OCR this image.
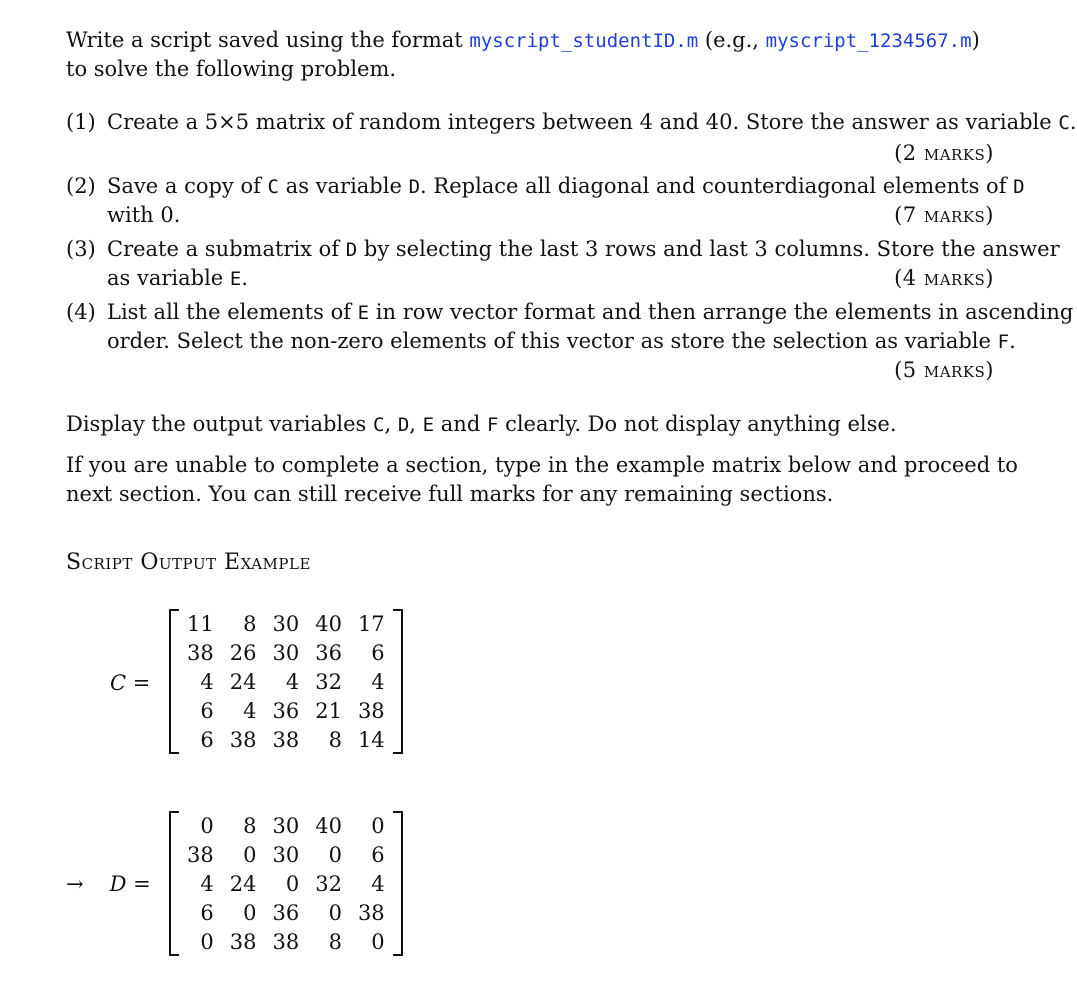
Write a script saved using the format myscript_studentID.m (e.g., myscript_1234567.m)
to solve the following problem.
(1) Create a 5×5 matrix of random integers between 4 and 40. Store the answer as variable C.
(2 marks)
(2) Save a copy of C as variable D. Replace all diagonal and counterdiagonal elements of D
with 0.	(7 marks)
(3) Create a submatrix of D by selecting the last 3 rows and last 3 columns. Store the answer
as variable E.	(4 marks)
(4) List all the elements of E in row vector format and then arrange the elements in ascending
order. Select the non-zero elements of this vector as store the selection as variable F.
(5 marks)
Display the output variables C, D, E and F clearly. Do not display anything else.
If you are unable to complete a section, type in the example matrix below and proceed to
next section. You can still receive full marks for any remaining sections.
Script Output Example
C =
11	8	30	40	17
38	26	30	36	6
4	24	4	32	4
6	4	36	21	38
6	38	38	8	14
→ D =
0	8	30	40	0
38	0	30	0	6
4	24	0	32	4
6	0	36	0	38
0	38	38	8	0
